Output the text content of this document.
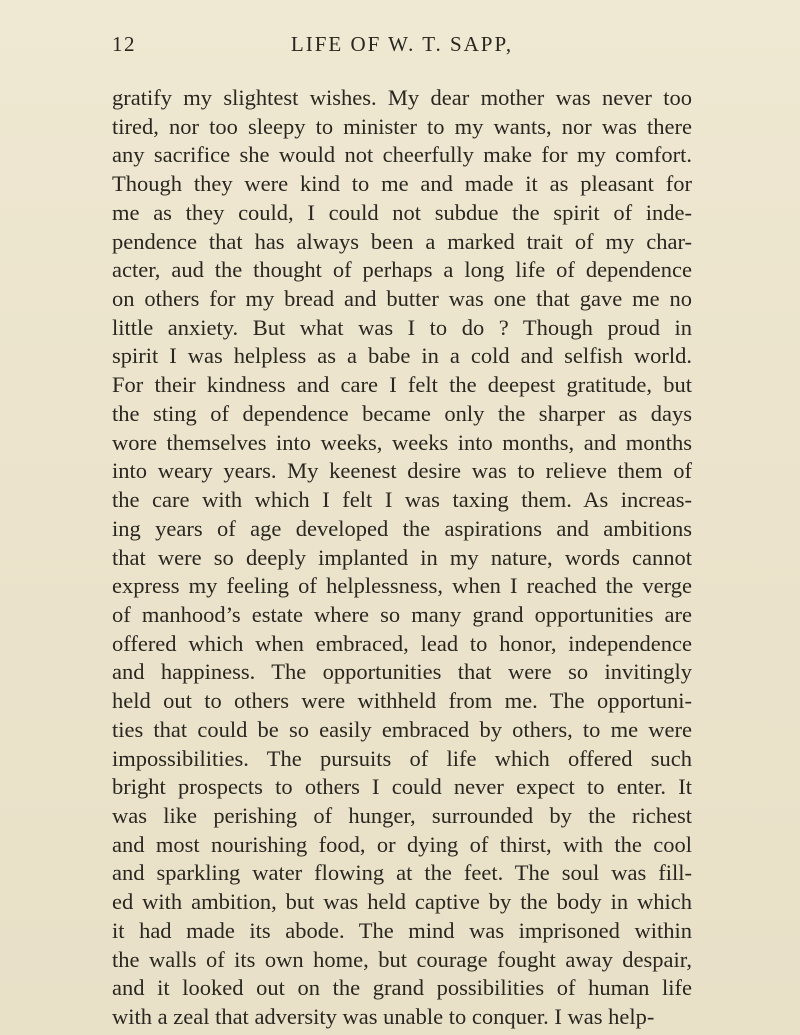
12	LIFE OF W. T. SAPP,
gratify my slightest wishes. My dear mother was never too
tired, nor too sleepy to minister to my wants, nor was there
any sacrifice she would not cheerfully make for my comfort.
Though they were kind to me and made it as pleasant for
me as they could, I could not subdue the spirit of inde-
pendence that has always been a marked trait of my char-
acter, aud the thought of perhaps a long life of dependence
on others for my bread and butter was one that gave me no
little anxiety. But what was I to do ? Though proud in
spirit I was helpless as a babe in a cold and selfish world.
For their kindness and care I felt the deepest gratitude, but
the sting of dependence became only the sharper as days
wore themselves into weeks, weeks into months, and months
into weary years. My keenest desire was to relieve them of
the care with which I felt I was taxing them. As increas-
ing years of age developed the aspirations and ambitions
that were so deeply implanted in my nature, words cannot
express my feeling of helplessness, when I reached the verge
of manhood’s estate where so many grand opportunities are
offered which when embraced, lead to honor, independence
and happiness. The opportunities that were so invitingly
held out to others were withheld from me. The opportuni-
ties that could be so easily embraced by others, to me were
impossibilities. The pursuits of life which offered such
bright prospects to others I could never expect to enter. It
was like perishing of hunger, surrounded by the richest
and most nourishing food, or dying of thirst, with the cool
and sparkling water flowing at the feet. The soul was fill-
ed with ambition, but was held captive by the body in which
it had made its abode. The mind was imprisoned within
the walls of its own home, but courage fought away despair,
and it looked out on the grand possibilities of human life
with a zeal that adversity was unable to conquer. I was help-
